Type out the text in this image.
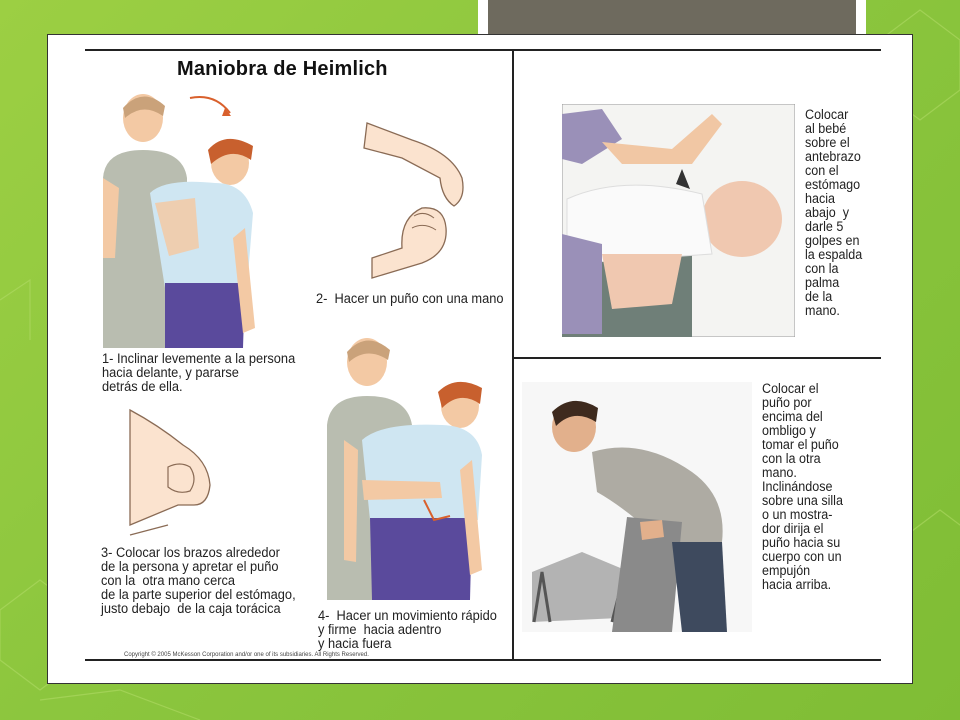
Maniobra de Heimlich
1- Inclinar levemente a la persona
hacia delante, y pararse
detrás de ella.
2-  Hacer un puño con una mano
3- Colocar los brazos alrededor
de la persona y apretar el puño
con la  otra mano cerca
de la parte superior del estómago,
justo debajo  de la caja torácica	4-  Hacer un movimiento rápido
y firme  hacia adentro
y hacia fuera
Colocar
al bebé
sobre el
antebrazo
con el
estómago
hacia
abajo  y
darle 5
golpes en
la espalda
con la
palma
de la
mano.
Colocar el
puño por
encima del
ombligo y
tomar el puño
con la otra
mano.
Inclinándose
sobre una silla
o un mostra-
dor dirija el
puño hacia su
cuerpo con un
empujón
hacia arriba.
Copyright © 2005 McKesson Corporation and/or one of its subsidiaries. All Rights Reserved.
